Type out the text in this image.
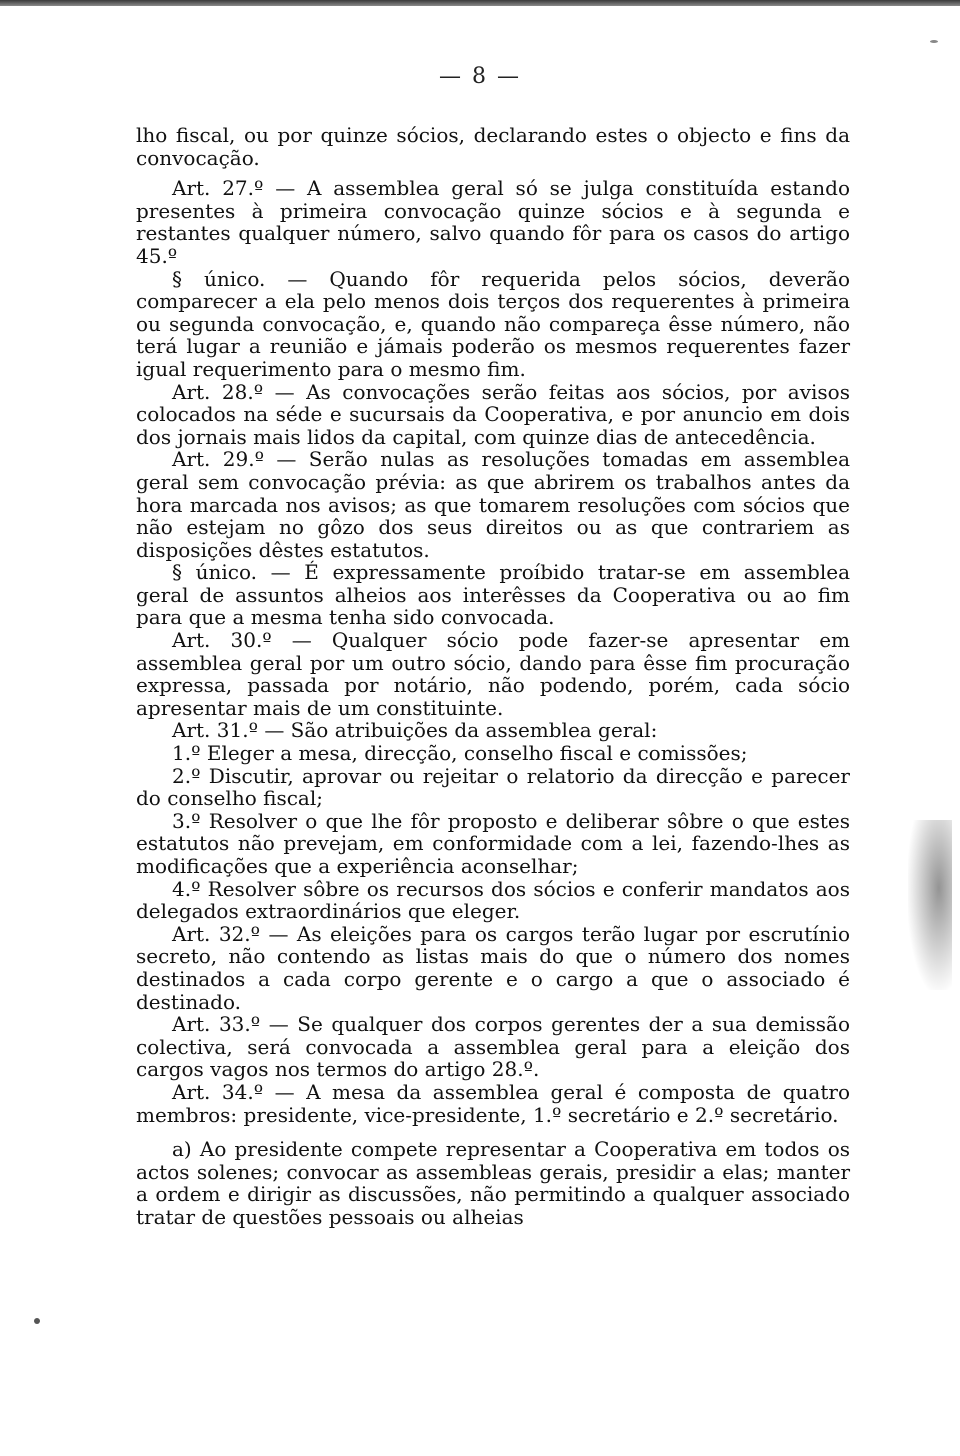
— 8 —

lho fiscal, ou por quinze sócios, declarando estes o objecto e fins da convocação.

Art. 27.º — A assemblea geral só se julga constituída estando presentes à primeira convocação quinze sócios e à segunda e restantes qualquer número, salvo quando fôr para os casos do artigo 45.º

§ único. — Quando fôr requerida pelos sócios, deverão comparecer a ela pelo menos dois terços dos requerentes à primeira ou segunda convocação, e, quando não compareça êsse número, não terá lugar a reunião e jámais poderão os mesmos requerentes fazer igual requerimento para o mesmo fim.

Art. 28.º — As convocações serão feitas aos sócios, por avisos colocados na séde e sucursais da Cooperativa, e por anuncio em dois dos jornais mais lidos da capital, com quinze dias de antecedência.

Art. 29.º — Serão nulas as resoluções tomadas em assemblea geral sem convocação prévia: as que abrirem os trabalhos antes da hora marcada nos avisos; as que tomarem resoluções com sócios que não estejam no gôzo dos seus direitos ou as que contrariem as disposições dêstes estatutos.

§ único. — É expressamente proíbido tratar-se em assemblea geral de assuntos alheios aos interêsses da Cooperativa ou ao fim para que a mesma tenha sido convocada.

Art. 30.º — Qualquer sócio pode fazer-se apresentar em assemblea geral por um outro sócio, dando para êsse fim procuração expressa, passada por notário, não podendo, porém, cada sócio apresentar mais de um constituinte.

Art. 31.º — São atribuições da assemblea geral:

1.º Eleger a mesa, direcção, conselho fiscal e comissões;

2.º Discutir, aprovar ou rejeitar o relatorio da direcção e parecer do conselho fiscal;

3.º Resolver o que lhe fôr proposto e deliberar sôbre o que estes estatutos não prevejam, em conformidade com a lei, fazendo-lhes as modificações que a experiência aconselhar;

4.º Resolver sôbre os recursos dos sócios e conferir mandatos aos delegados extraordinários que eleger.

Art. 32.º — As eleições para os cargos terão lugar por escrutínio secreto, não contendo as listas mais do que o número dos nomes destinados a cada corpo gerente e o cargo a que o associado é destinado.

Art. 33.º — Se qualquer dos corpos gerentes der a sua demissão colectiva, será convocada a assemblea geral para a eleição dos cargos vagos nos termos do artigo 28.º.

Art. 34.º — A mesa da assemblea geral é composta de quatro membros: presidente, vice-presidente, 1.º secretário e 2.º secretário.

a) Ao presidente compete representar a Cooperativa em todos os actos solenes; convocar as assembleas gerais, presidir a elas; manter a ordem e dirigir as discussões, não permitindo a qualquer associado tratar de questões pessoais ou alheias
